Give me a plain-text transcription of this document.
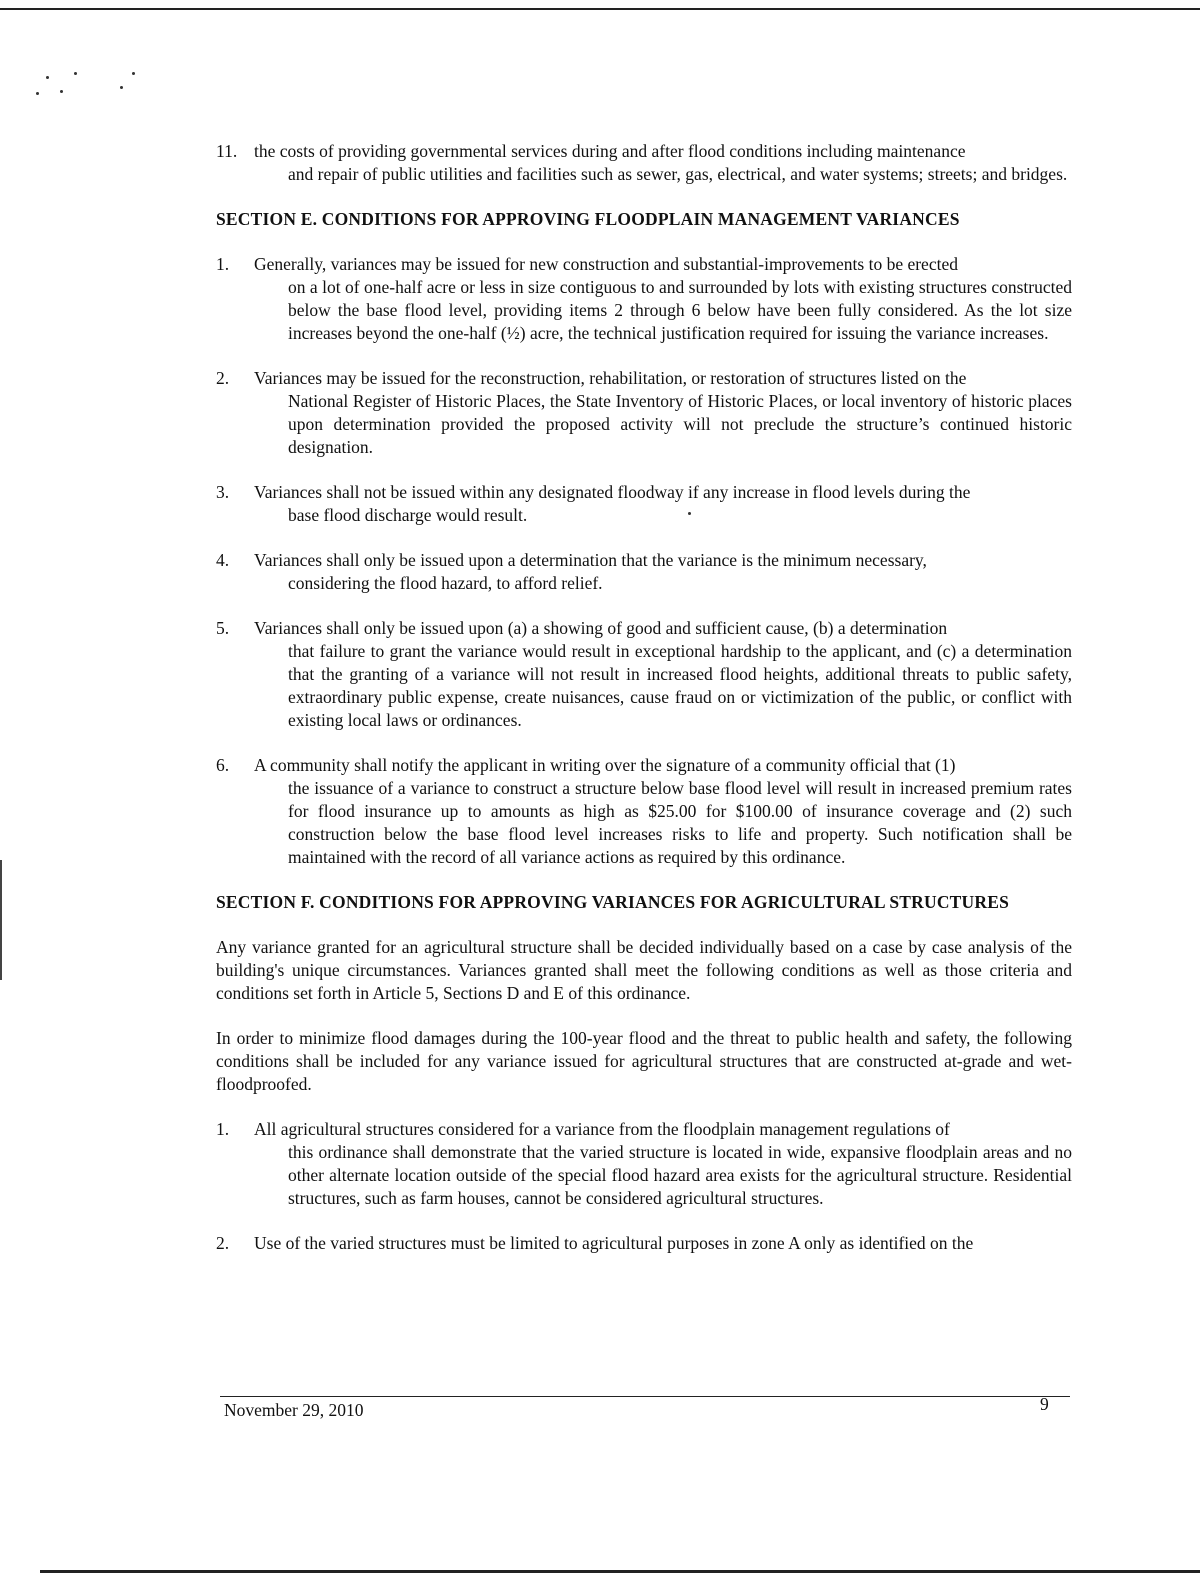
11. the costs of providing governmental services during and after flood conditions including maintenance
and repair of public utilities and facilities such as sewer, gas, electrical, and water systems; streets; and bridges.
SECTION E. CONDITIONS FOR APPROVING FLOODPLAIN MANAGEMENT VARIANCES
1.	Generally, variances may be issued for new construction and substantial-improvements to be erected
on a lot of one-half acre or less in size contiguous to and surrounded by lots with existing structures constructed below the base flood level, providing items 2 through 6 below have been fully considered. As the lot size increases beyond the one-half (½) acre, the technical justification required for issuing the variance increases.
2.	Variances may be issued for the reconstruction, rehabilitation, or restoration of structures listed on the
National Register of Historic Places, the State Inventory of Historic Places, or local inventory of historic places upon determination provided the proposed activity will not preclude the structure’s continued historic designation.
3.	Variances shall not be issued within any designated floodway if any increase in flood levels during the
base flood discharge would result.
4.	Variances shall only be issued upon a determination that the variance is the minimum necessary,
considering the flood hazard, to afford relief.
5.	Variances shall only be issued upon (a) a showing of good and sufficient cause, (b) a determination
that failure to grant the variance would result in exceptional hardship to the applicant, and (c) a determination that the granting of a variance will not result in increased flood heights, additional threats to public safety, extraordinary public expense, create nuisances, cause fraud on or victimization of the public, or conflict with existing local laws or ordinances.
6.	A community shall notify the applicant in writing over the signature of a community official that (1)
the issuance of a variance to construct a structure below base flood level will result in increased premium rates for flood insurance up to amounts as high as $25.00 for $100.00 of insurance coverage and (2) such construction below the base flood level increases risks to life and property. Such notification shall be maintained with the record of all variance actions as required by this ordinance.
SECTION F. CONDITIONS FOR APPROVING VARIANCES FOR AGRICULTURAL STRUCTURES
Any variance granted for an agricultural structure shall be decided individually based on a case by case analysis of the building's unique circumstances. Variances granted shall meet the following conditions as well as those criteria and conditions set forth in Article 5, Sections D and E of this ordinance.
In order to minimize flood damages during the 100-year flood and the threat to public health and safety, the following conditions shall be included for any variance issued for agricultural structures that are constructed at-grade and wet-floodproofed.
1.	All agricultural structures considered for a variance from the floodplain management regulations of
this ordinance shall demonstrate that the varied structure is located in wide, expansive floodplain areas and no other alternate location outside of the special flood hazard area exists for the agricultural structure. Residential structures, such as farm houses, cannot be considered agricultural structures.
2.	Use of the varied structures must be limited to agricultural purposes in zone A only as identified on the
November 29, 2010	9
